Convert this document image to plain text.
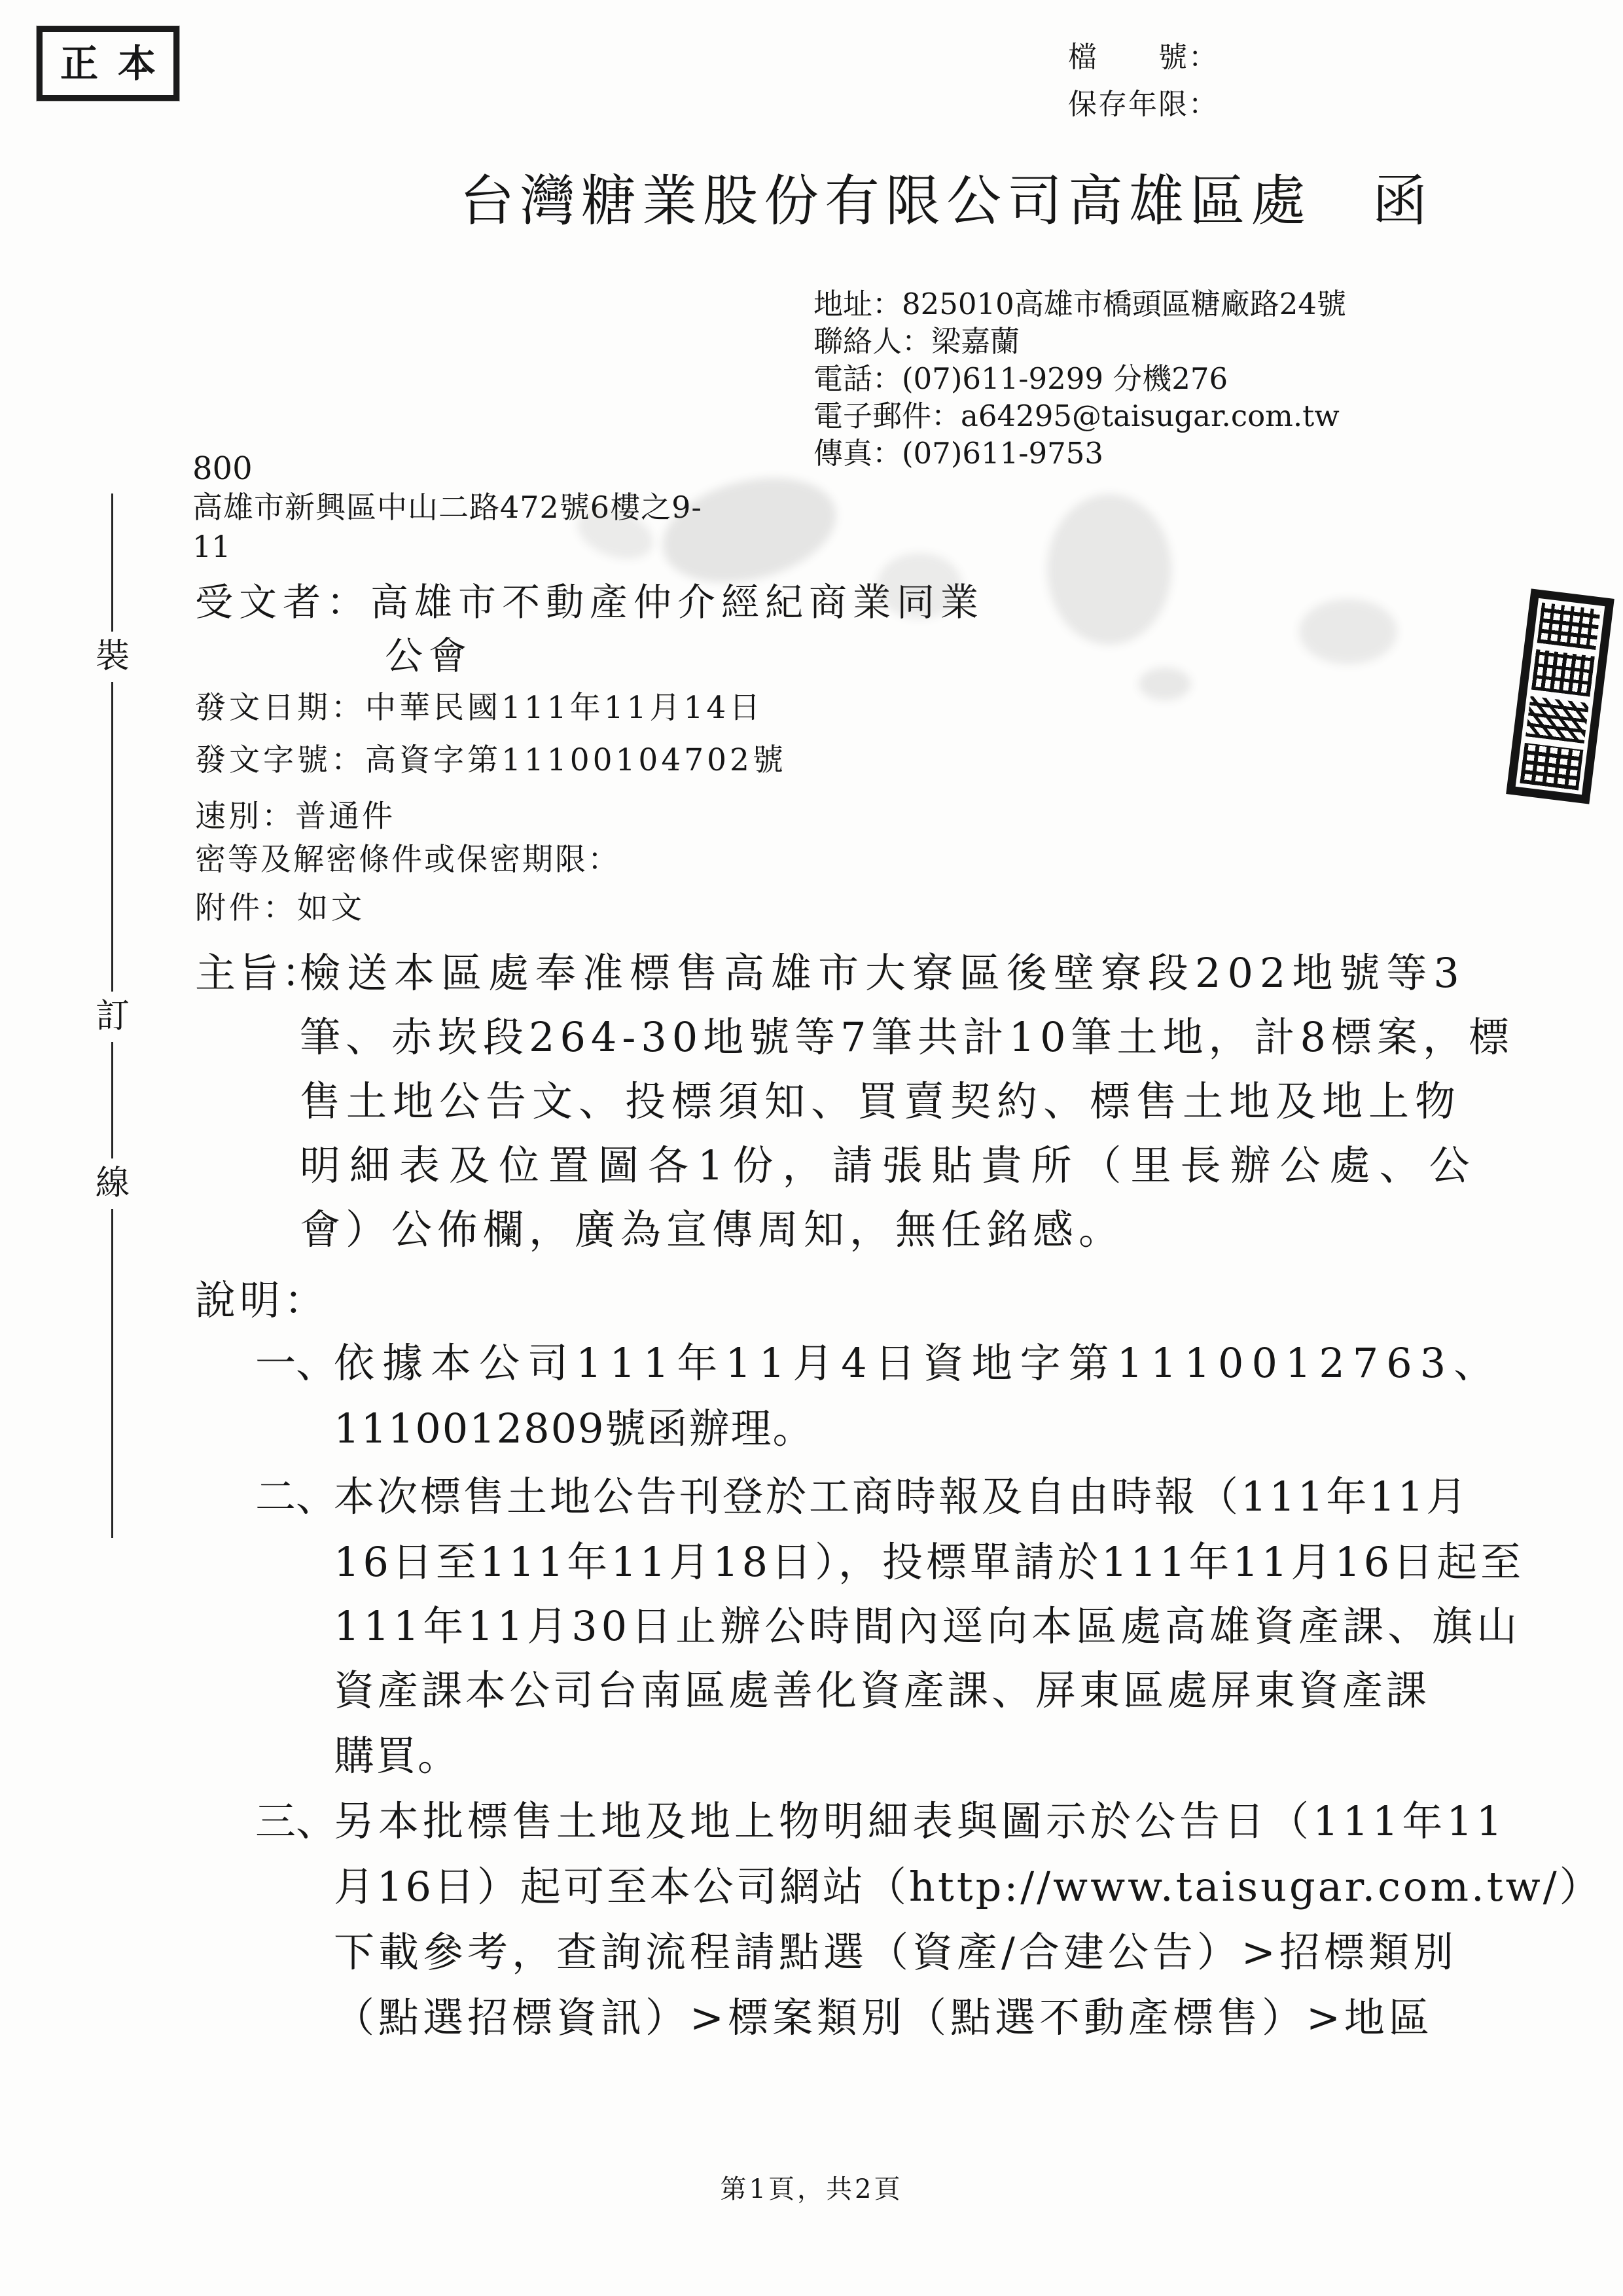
正本	檔　　號：
保存年限：
台灣糖業股份有限公司高雄區處　函
地址：825010高雄市橋頭區糖廠路24號
聯絡人：梁嘉蘭
電話：(07)611-9299 分機276
電子郵件：a64295@taisugar.com.tw
傳真：(07)611-9753
800
高雄市新興區中山二路472號6樓之9-
11
受文者：高雄市不動產仲介經紀商業同業
公會
發文日期：中華民國111年11月14日
發文字號：高資字第11100104702號
速別：普通件
密等及解密條件或保密期限：
附件：如文
主旨：
檢送本區處奉准標售高雄市大寮區後壁寮段202地號等3
筆、赤崁段264-30地號等7筆共計10筆土地，計8標案，標
售土地公告文、投標須知、買賣契約、標售土地及地上物
明細表及位置圖各1份，請張貼貴所（里長辦公處、公
會）公佈欄，廣為宣傳周知，無任銘感。
說明：
一、
依據本公司111年11月4日資地字第1110012763、
1110012809號函辦理。
二、
本次標售土地公告刊登於工商時報及自由時報（111年11月
16日至111年11月18日），投標單請於111年11月16日起至
111年11月30日止辦公時間內逕向本區處高雄資產課、旗山
資產課本公司台南區處善化資產課、屏東區處屏東資產課
購買。
三、
另本批標售土地及地上物明細表與圖示於公告日（111年11
月16日）起可至本公司網站（http://www.taisugar.com.tw/）
下載參考，查詢流程請點選（資產/合建公告）>招標類別
（點選招標資訊）>標案類別（點選不動產標售）>地區
第1頁，共2頁
裝
訂
線
